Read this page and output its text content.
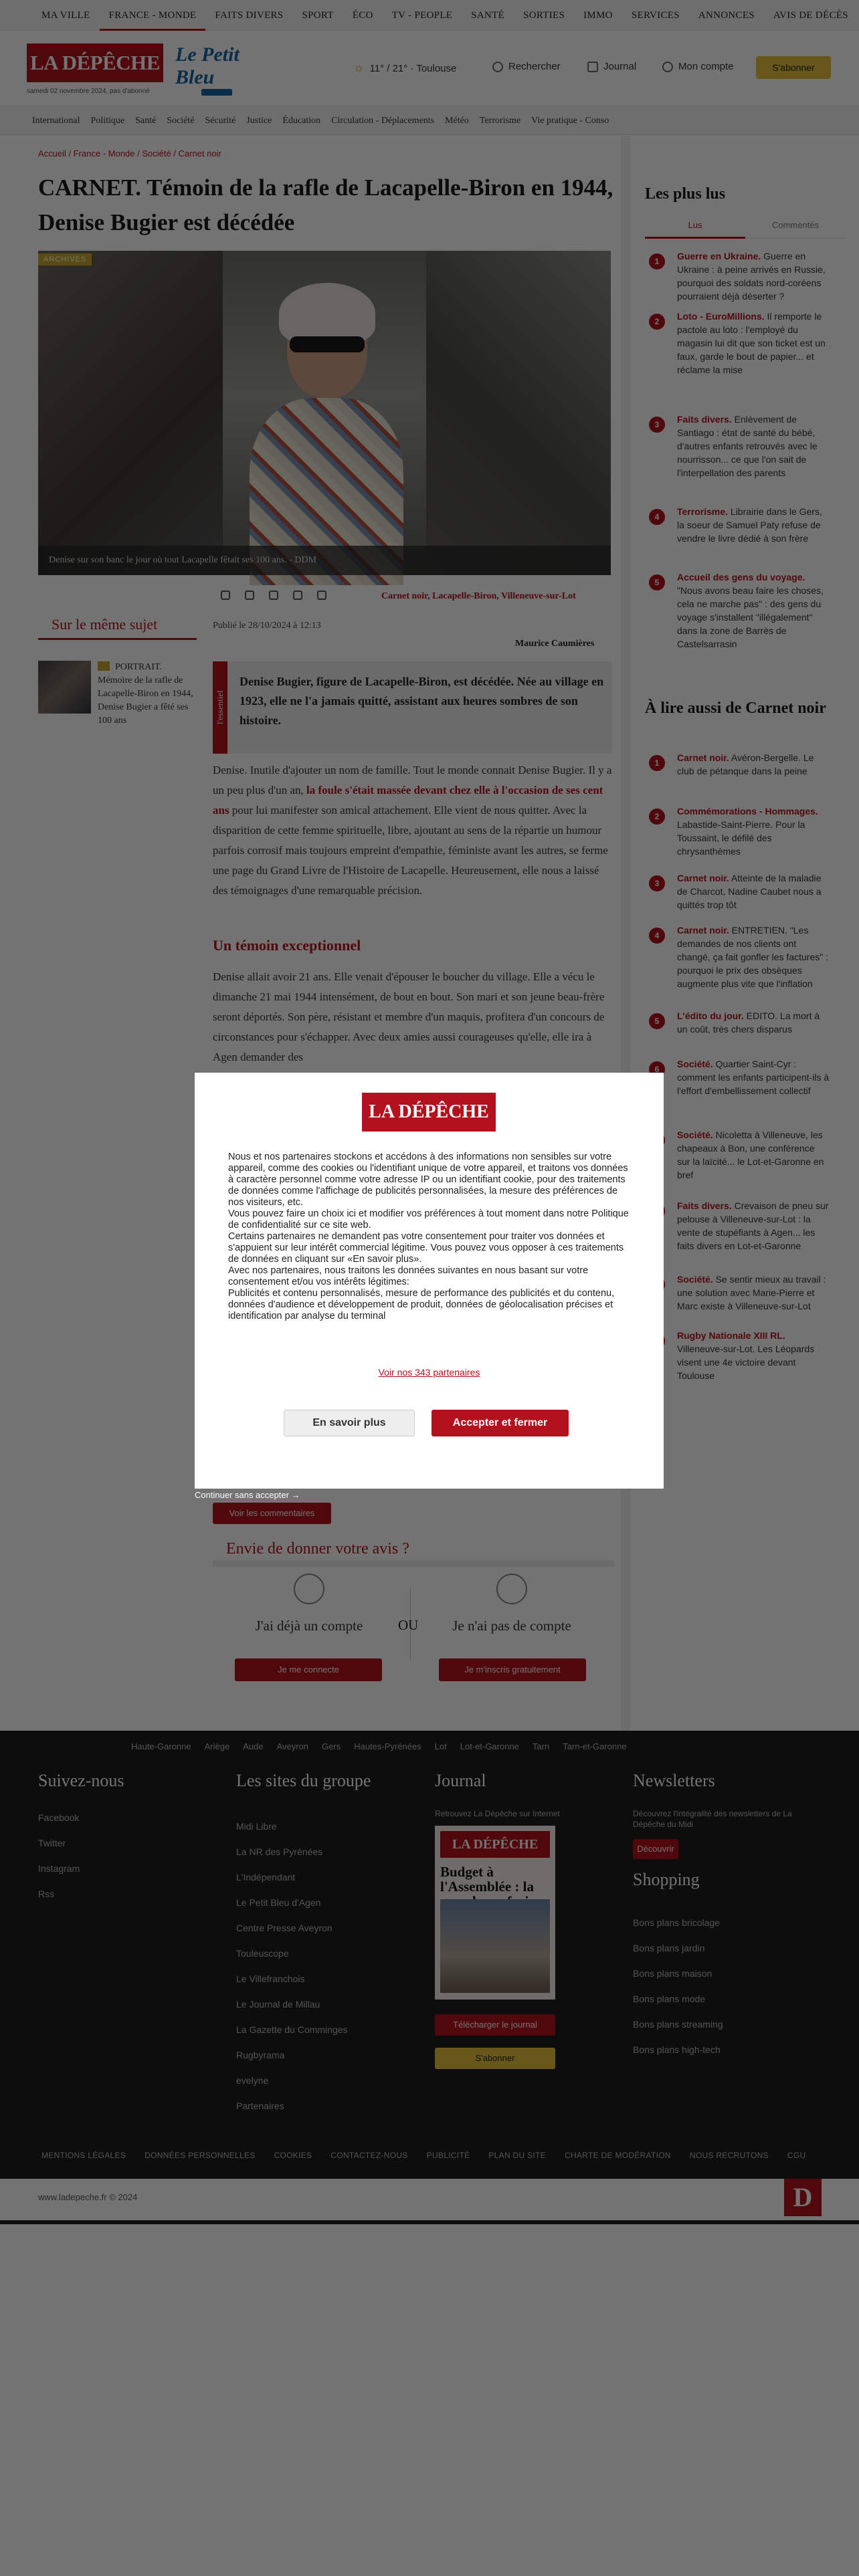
LA DÉPÊCHE
Nous et nos partenaires stockons et accédons à des informations non sensibles sur votre appareil, comme des cookies ou l'identifiant unique de votre appareil, et traitons vos données à caractère personnel comme votre adresse IP ou un identifiant cookie, pour des traitements de données comme l'affichage de publicités personnalisées, la mesure des préférences de nos visiteurs, etc.
Vous pouvez faire un choix ici et modifier vos préférences à tout moment dans notre Politique de confidentialité sur ce site web.
Certains partenaires ne demandent pas votre consentement pour traiter vos données et s'appuient sur leur intérêt commercial légitime. Vous pouvez vous opposer à ces traitements de données en cliquant sur «En savoir plus».
Avec nos partenaires, nous traitons les données suivantes en nous basant sur votre consentement et/ou vos intérêts légitimes:
Publicités et contenu personnalisés, mesure de performance des publicités et du contenu, données d'audience et développement de produit, données de géolocalisation précises et identification par analyse du terminal
Voir nos 343 partenaires
En savoir plus	Accepter et fermer
Continuer sans accepter →
